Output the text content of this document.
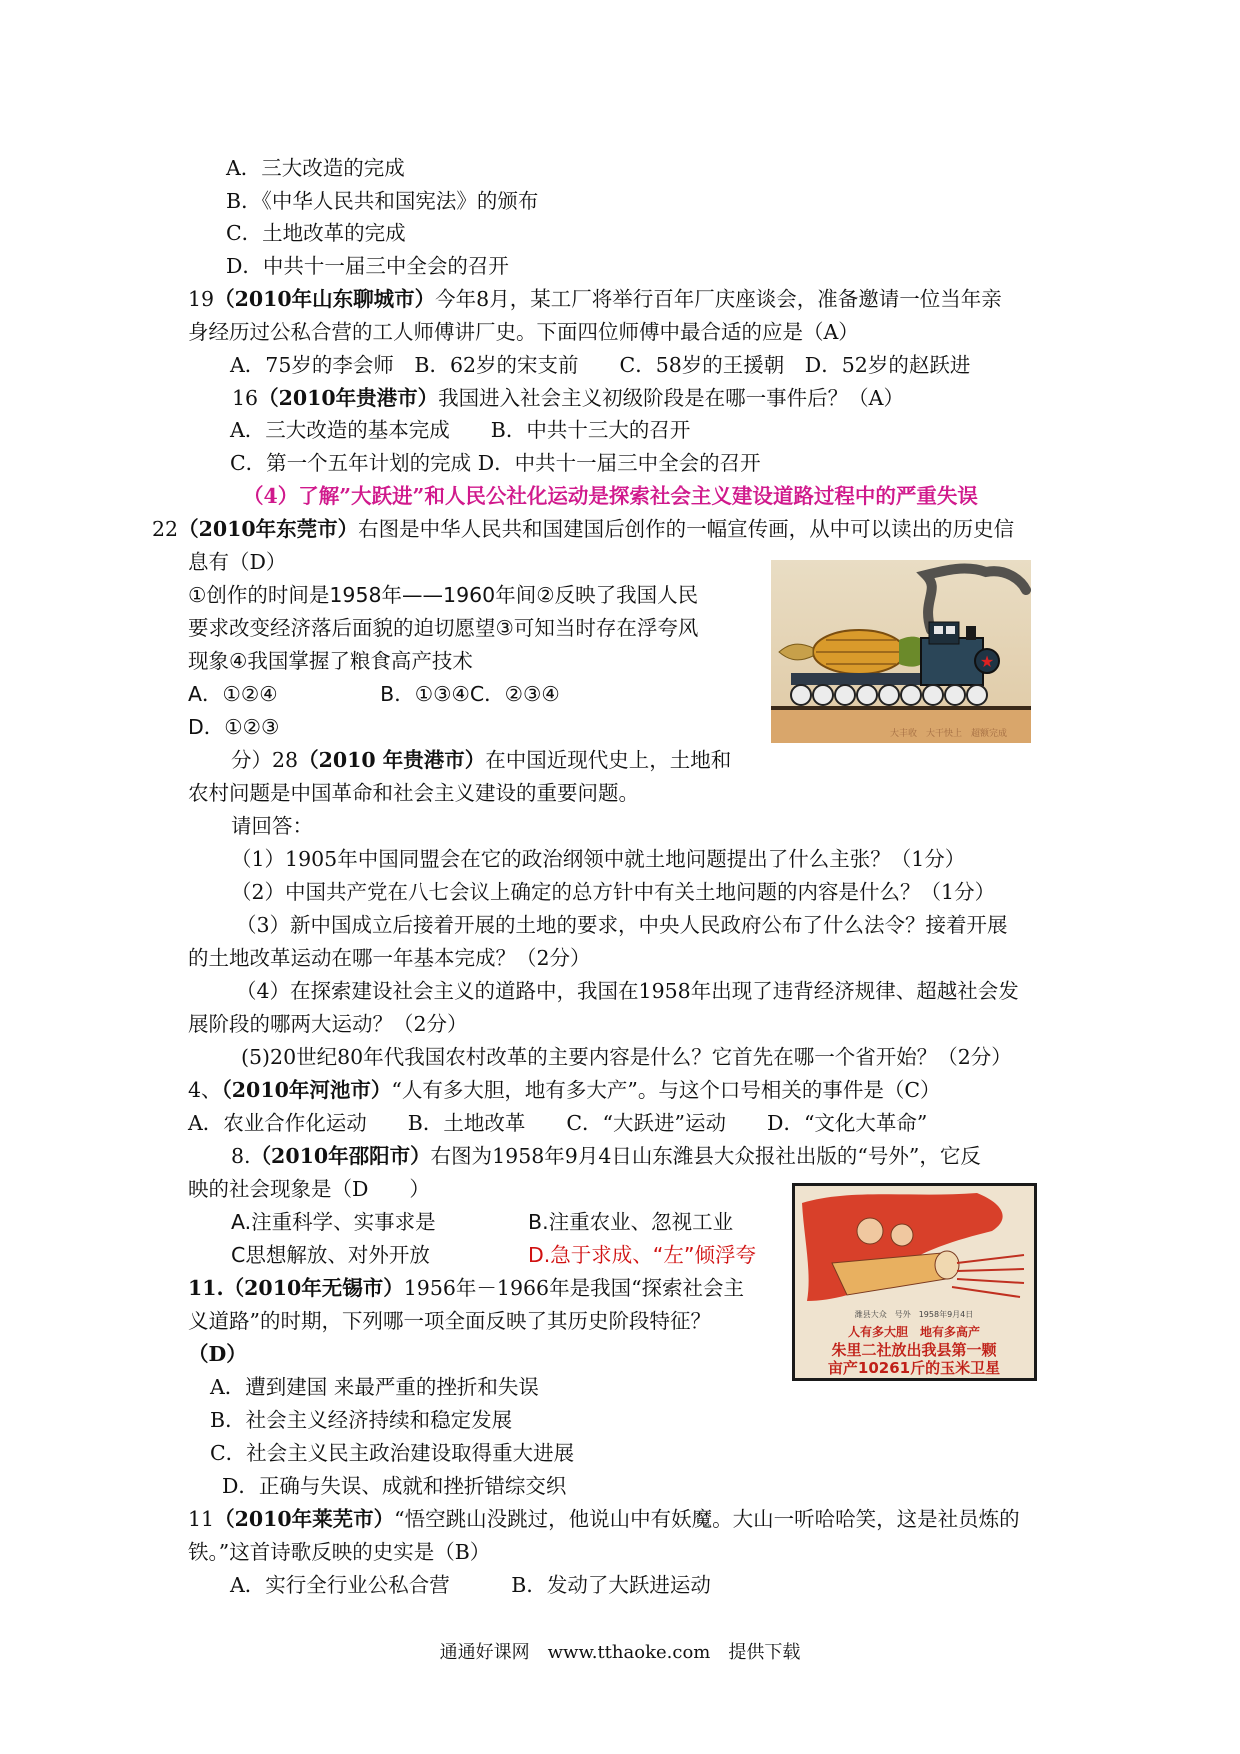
A．三大改造的完成
B．《中华人民共和国宪法》的颁布
C．土地改革的完成
D．中共十一届三中全会的召开
19（2010年山东聊城市）今年8月，某工厂将举行百年厂庆座谈会，准备邀请一位当年亲
身经历过公私合营的工人师傅讲厂史。下面四位师傅中最合适的应是（A）
A．75岁的李会师　B．62岁的宋支前　　C．58岁的王援朝　D．52岁的赵跃进
16（2010年贵港市）我国进入社会主义初级阶段是在哪一事件后？（A）
A．三大改造的基本完成　　B．中共十三大的召开
C．第一个五年计划的完成 D．中共十一届三中全会的召开
（4）了解”大跃进”和人民公社化运动是探索社会主义建设道路过程中的严重失误
22（2010年东莞市）右图是中华人民共和国建国后创作的一幅宣传画，从中可以读出的历史信
息有（D）
①创作的时间是1958年——1960年间②反映了我国人民
要求改变经济落后面貌的迫切愿望③可知当时存在浮夸风
现象④我国掌握了粮食高产技术
A．①②④　　　　　B．①③④C．②③④
D．①②③
★
大丰收　大干快上　超额完成
分）28（2010 年贵港市）在中国近现代史上，土地和
农村问题是中国革命和社会主义建设的重要问题。
请回答：
（1）1905年中国同盟会在它的政治纲领中就土地问题提出了什么主张？（1分）
（2）中国共产党在八七会议上确定的总方针中有关土地问题的内容是什么？（1分）
（3）新中国成立后接着开展的土地的要求，中央人民政府公布了什么法令？接着开展
的土地改革运动在哪一年基本完成？（2分）
（4）在探索建设社会主义的道路中，我国在1958年出现了违背经济规律、超越社会发
展阶段的哪两大运动？（2分）
(5)20世纪80年代我国农村改革的主要内容是什么？它首先在哪一个省开始？（2分）
4、（2010年河池市）“人有多大胆，地有多大产”。与这个口号相关的事件是（C）
A．农业合作化运动　　B．土地改革　　C．“大跃进”运动　　D．“文化大革命”
8.（2010年邵阳市）右图为1958年9月4日山东潍县大众报社出版的“号外”，它反
映的社会现象是（D　　）
A.注重科学、实事求是	B.注重农业、忽视工业
C思想解放、对外开放	D.急于求成、“左”倾浮夸
潍县大众　号外　1958年9月4日
人有多大胆　地有多高产
朱里二社放出我县第一颗
亩产10261斤的玉米卫星
11.（2010年无锡市）1956年－1966年是我国“探索社会主
义道路”的时期，下列哪一项全面反映了其历史阶段特征？
（D）
A．遭到建国 来最严重的挫折和失误
B．社会主义经济持续和稳定发展
C．社会主义民主政治建设取得重大进展
D．正确与失误、成就和挫折错综交织
11（2010年莱芜市）“悟空跳山没跳过，他说山中有妖魔。大山一听哈哈笑，这是社员炼的
铁。”这首诗歌反映的史实是（B）
A．实行全行业公私合营　　　B．发动了大跃进运动
通通好课网　www.tthaoke.com　提供下载
